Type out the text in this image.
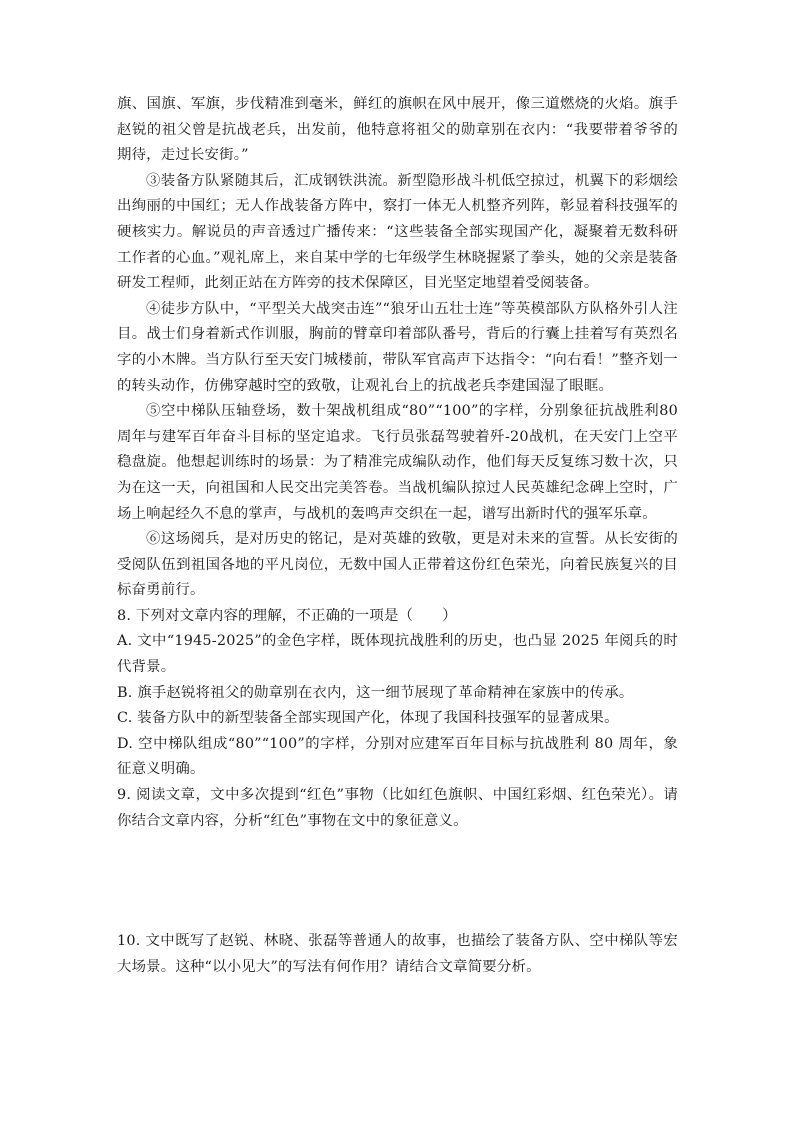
旗、国旗、军旗，步伐精准到毫米，鲜红的旗帜在风中展开，像三道燃烧的火焰。旗手赵锐的祖父曾是抗战老兵，出发前，他特意将祖父的勋章别在衣内：“我要带着爷爷的期待，走过长安街。”

③装备方队紧随其后，汇成钢铁洪流。新型隐形战斗机低空掠过，机翼下的彩烟绘出绚丽的中国红；无人作战装备方阵中，察打一体无人机整齐列阵，彰显着科技强军的硬核实力。解说员的声音透过广播传来：“这些装备全部实现国产化，凝聚着无数科研工作者的心血。”观礼席上，来自某中学的七年级学生林晓握紧了拳头，她的父亲是装备研发工程师，此刻正站在方阵旁的技术保障区，目光坚定地望着受阅装备。

④徒步方队中，“平型关大战突击连”“狼牙山五壮士连”等英模部队方队格外引人注目。战士们身着新式作训服，胸前的臂章印着部队番号，背后的行囊上挂着写有英烈名字的小木牌。当方队行至天安门城楼前，带队军官高声下达指令：“向右看！”整齐划一的转头动作，仿佛穿越时空的致敬，让观礼台上的抗战老兵李建国湿了眼眶。

⑤空中梯队压轴登场，数十架战机组成“80”“100”的字样，分别象征抗战胜利80周年与建军百年奋斗目标的坚定追求。飞行员张磊驾驶着歼-20战机，在天安门上空平稳盘旋。他想起训练时的场景：为了精准完成编队动作，他们每天反复练习数十次，只为在这一天，向祖国和人民交出完美答卷。当战机编队掠过人民英雄纪念碑上空时，广场上响起经久不息的掌声，与战机的轰鸣声交织在一起，谱写出新时代的强军乐章。

⑥这场阅兵，是对历史的铭记，是对英雄的致敬，更是对未来的宣誓。从长安街的受阅队伍到祖国各地的平凡岗位，无数中国人正带着这份红色荣光，向着民族复兴的目标奋勇前行。

8. 下列对文章内容的理解，不正确的一项是（　　）

A. 文中“1945-2025”的金色字样，既体现抗战胜利的历史，也凸显 2025 年阅兵的时代背景。

B. 旗手赵锐将祖父的勋章别在衣内，这一细节展现了革命精神在家族中的传承。

C. 装备方队中的新型装备全部实现国产化，体现了我国科技强军的显著成果。

D. 空中梯队组成“80”“100”的字样，分别对应建军百年目标与抗战胜利 80 周年，象征意义明确。

9. 阅读文章，文中多次提到“红色”事物（比如红色旗帜、中国红彩烟、红色荣光）。请你结合文章内容，分析“红色”事物在文中的象征意义。

10. 文中既写了赵锐、林晓、张磊等普通人的故事，也描绘了装备方队、空中梯队等宏大场景。这种“以小见大”的写法有何作用？请结合文章简要分析。
